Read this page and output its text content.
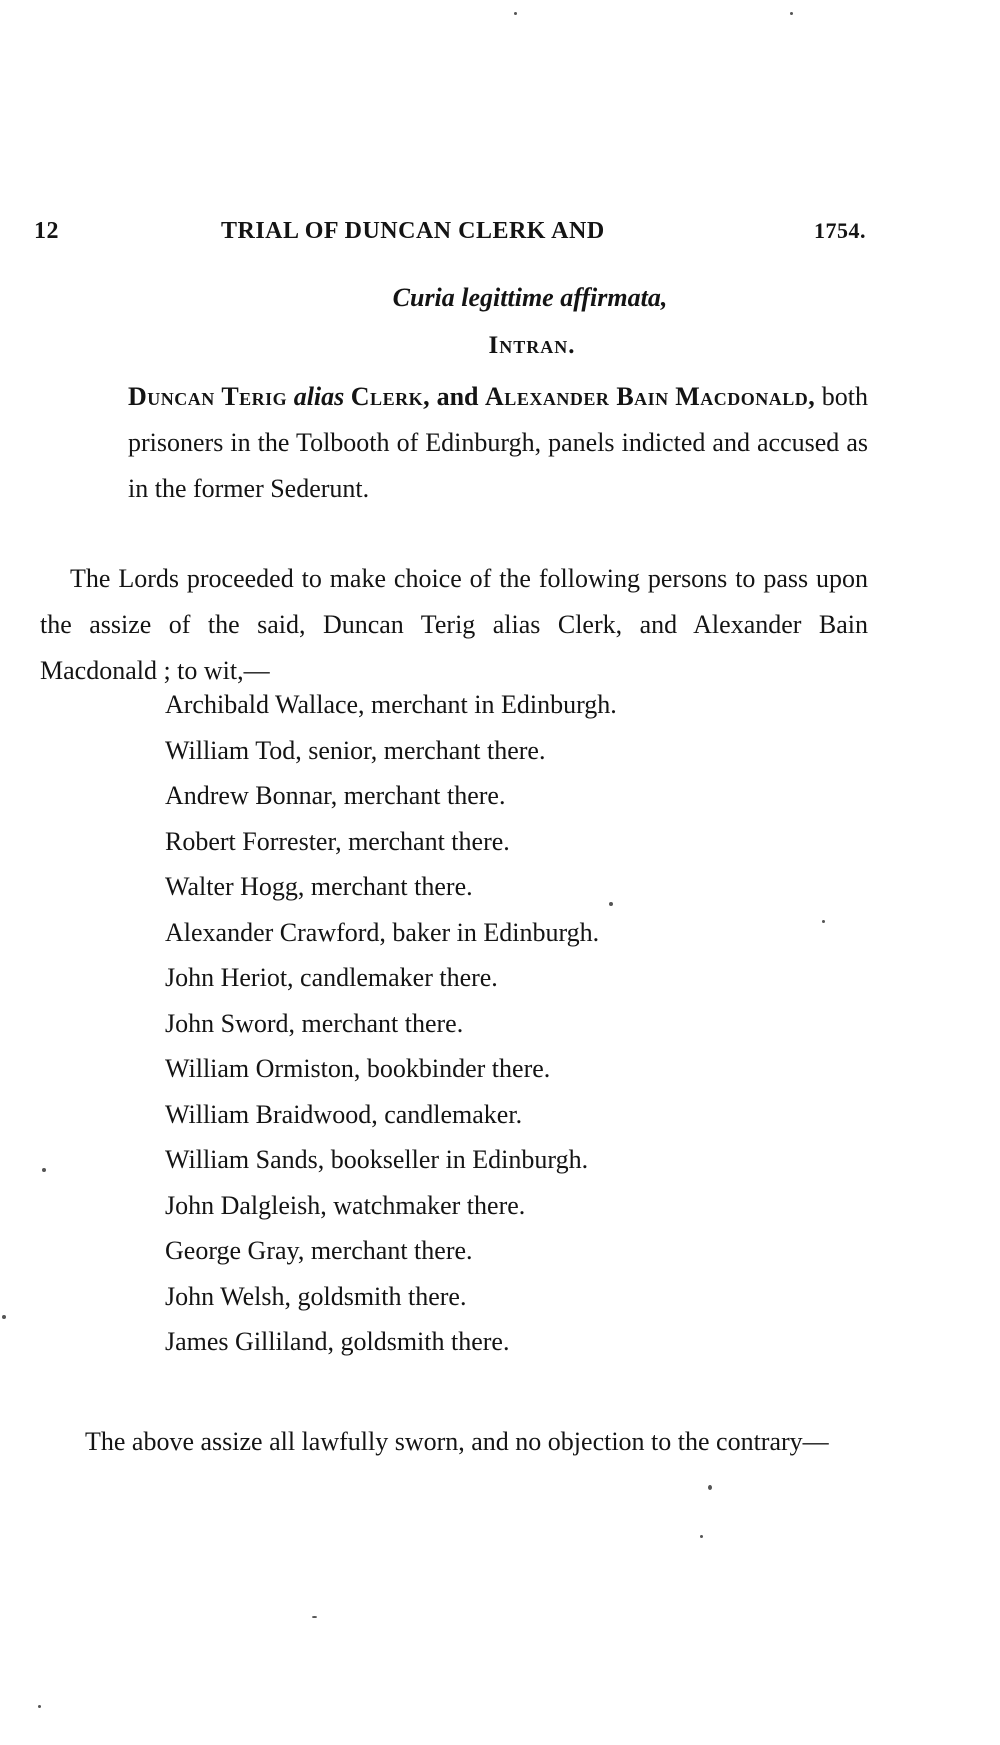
12	TRIAL OF DUNCAN CLERK AND	1754.
Curia legittime affirmata,
Intran.

Duncan Terig alias Clerk, and Alexander Bain Macdonald, both prisoners in the Tolbooth of Edinburgh, panels indicted and accused as in the former Sederunt.

The Lords proceeded to make choice of the following persons to pass upon the assize of the said, Duncan Terig alias Clerk, and Alexander Bain Macdonald ; to wit,—

Archibald Wallace, merchant in Edinburgh.
William Tod, senior, merchant there.
Andrew Bonnar, merchant there.
Robert Forrester, merchant there.
Walter Hogg, merchant there.
Alexander Crawford, baker in Edinburgh.
John Heriot, candlemaker there.
John Sword, merchant there.
William Ormiston, bookbinder there.
William Braidwood, candlemaker.
William Sands, bookseller in Edinburgh.
John Dalgleish, watchmaker there.
George Gray, merchant there.
John Welsh, goldsmith there.
James Gilliland, goldsmith there.

The above assize all lawfully sworn, and no objection to the contrary—
